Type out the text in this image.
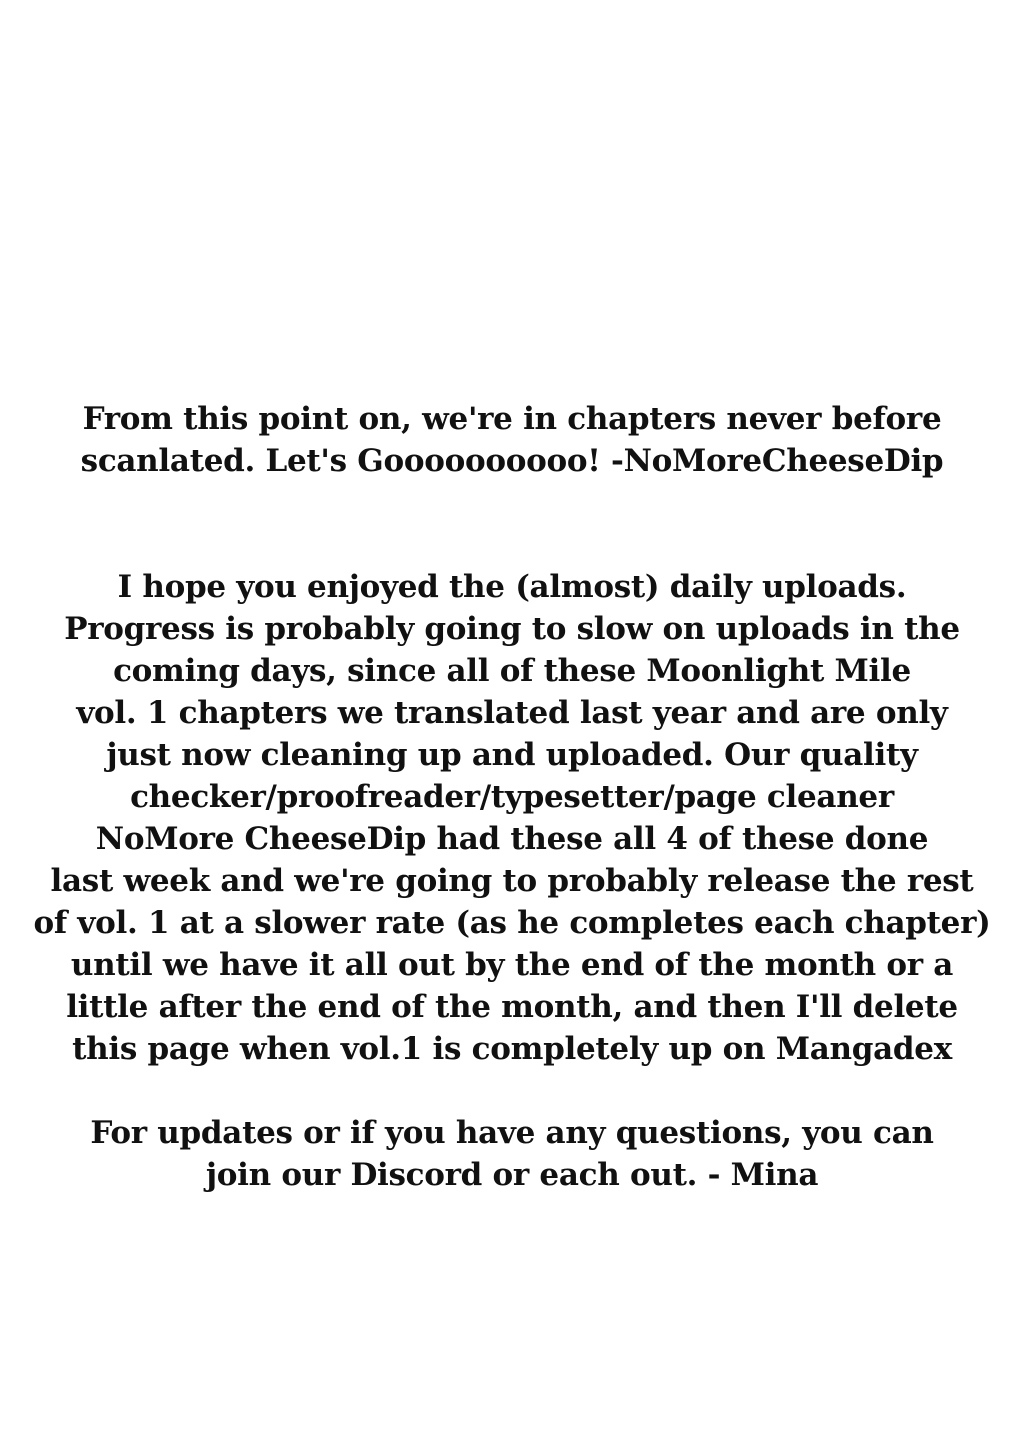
From this point on, we're in chapters never before
scanlated. Let's Goooooooooo! -NoMoreCheeseDip
I hope you enjoyed the (almost) daily uploads.
Progress is probably going to slow on uploads in the
coming days, since all of these Moonlight Mile
vol. 1 chapters we translated last year and are only
just now cleaning up and uploaded. Our quality
checker/proofreader/typesetter/page cleaner
NoMore CheeseDip had these all 4 of these done
last week and we're going to probably release the rest
of vol. 1 at a slower rate (as he completes each chapter)
until we have it all out by the end of the month or a
little after the end of the month, and then I'll delete
this page when vol.1 is completely up on Mangadex
For updates or if you have any questions, you can
join our Discord or each out. - Mina
